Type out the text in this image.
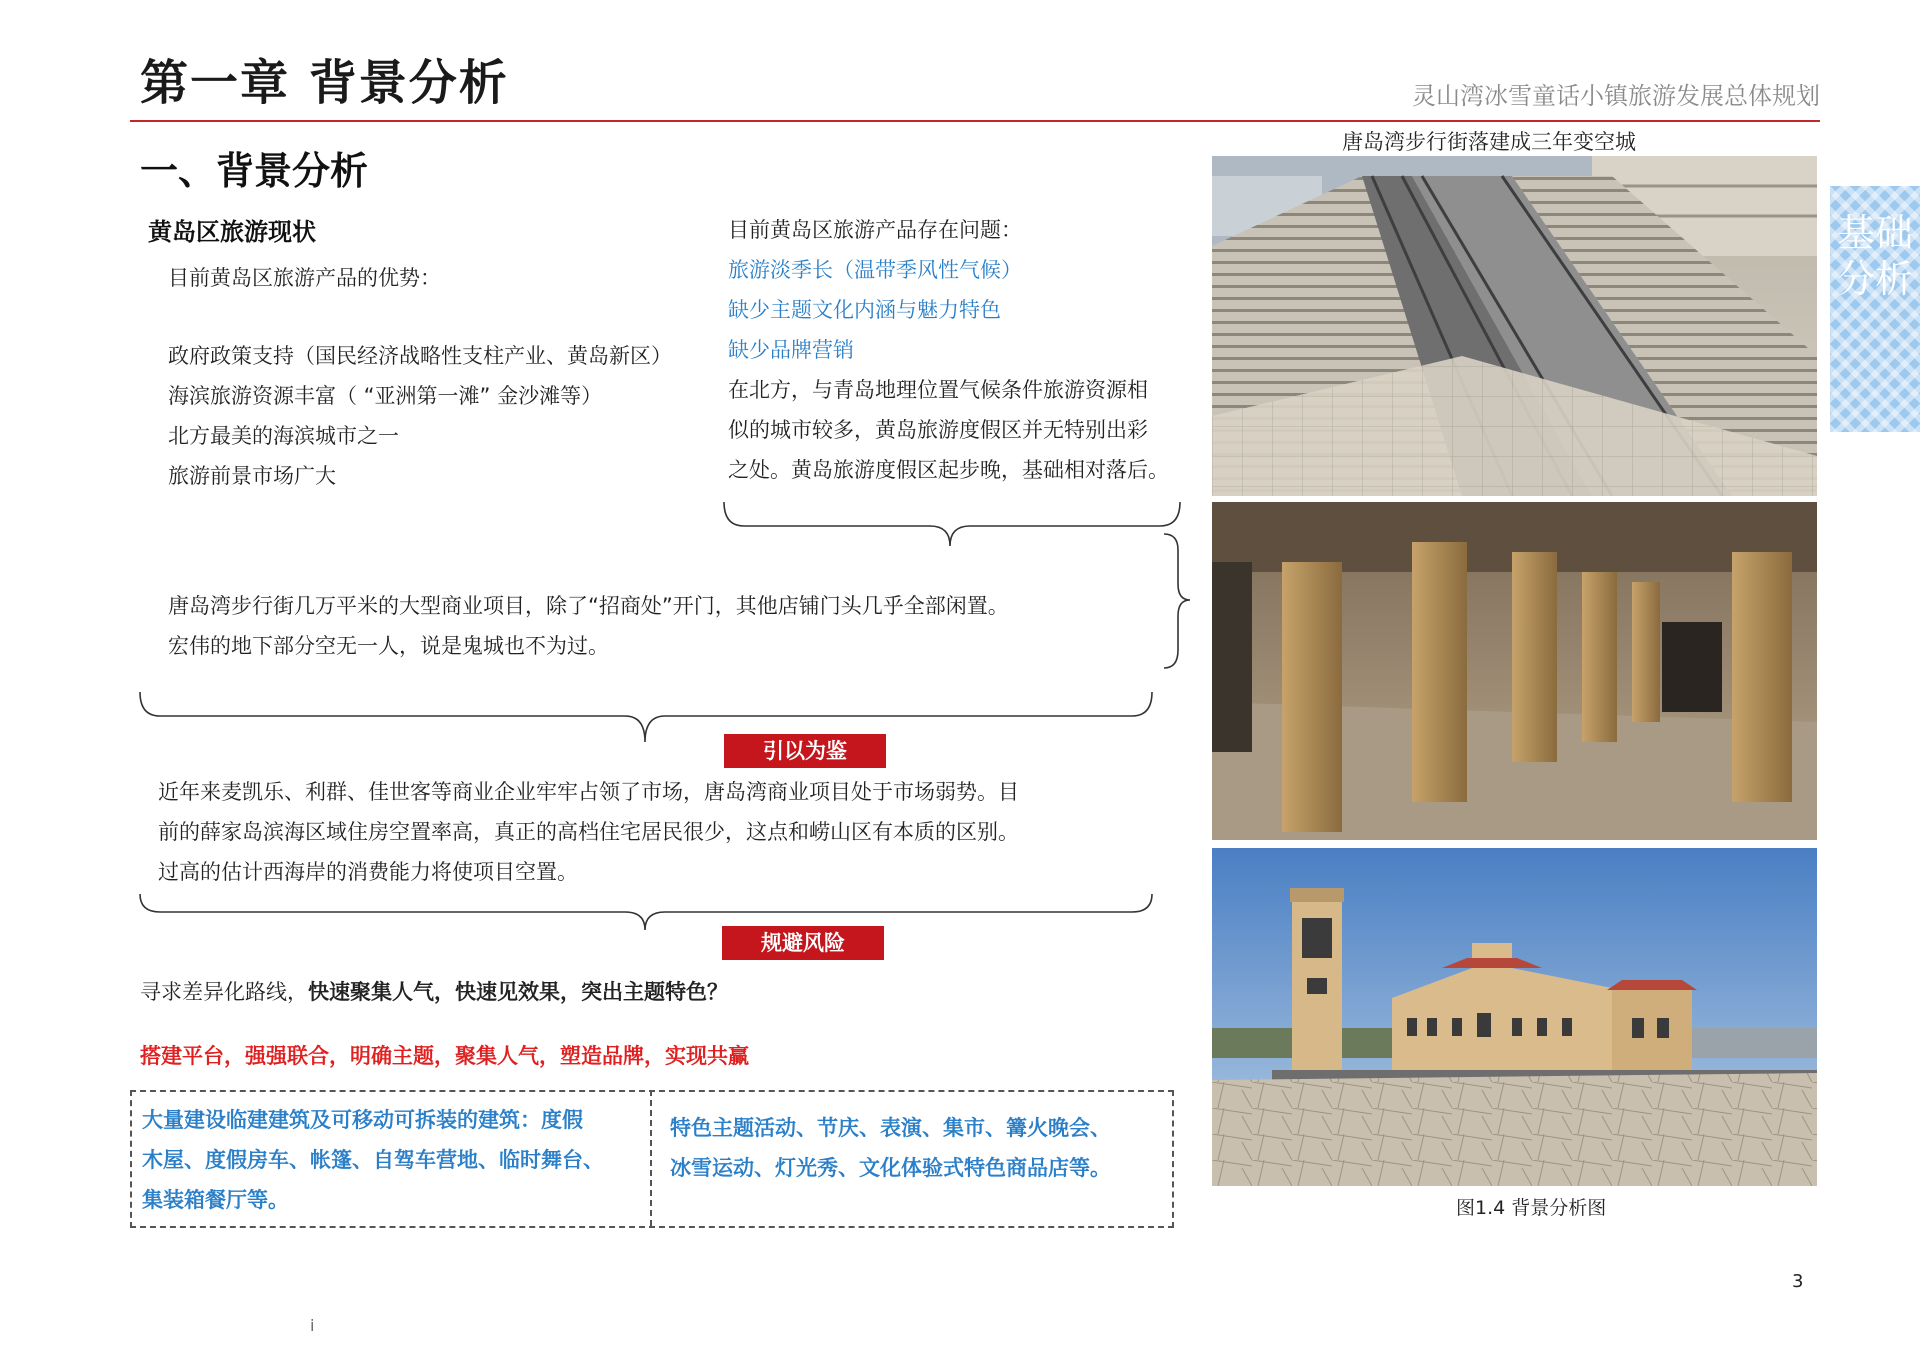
第一章 背景分析	灵山湾冰雪童话小镇旅游发展总体规划
一、背景分析
基础分析
黄岛区旅游现状
目前黄岛区旅游产品的优势：
政府政策支持（国民经济战略性支柱产业、黄岛新区）
海滨旅游资源丰富（ “亚洲第一滩” 金沙滩等）
北方最美的海滨城市之一
旅游前景市场广大
目前黄岛区旅游产品存在问题：
旅游淡季长（温带季风性气候）
缺少主题文化内涵与魅力特色
缺少品牌营销
在北方，与青岛地理位置气候条件旅游资源相
似的城市较多，黄岛旅游度假区并无特别出彩
之处。黄岛旅游度假区起步晚，基础相对落后。
唐岛湾步行街几万平米的大型商业项目，除了“招商处”开门，其他店铺门头几乎全部闲置。
宏伟的地下部分空无一人，说是鬼城也不为过。
引以为鉴
近年来麦凯乐、利群、佳世客等商业企业牢牢占领了市场，唐岛湾商业项目处于市场弱势。目
前的薛家岛滨海区域住房空置率高，真正的高档住宅居民很少，这点和崂山区有本质的区别。
过高的估计西海岸的消费能力将使项目空置。
规避风险
寻求差异化路线，快速聚集人气，快速见效果，突出主题特色？
搭建平台，强强联合，明确主题，聚集人气，塑造品牌，实现共赢
大量建设临建建筑及可移动可拆装的建筑：度假
木屋、度假房车、帐篷、自驾车营地、临时舞台、
集装箱餐厅等。
特色主题活动、节庆、表演、集市、篝火晚会、
冰雪运动、灯光秀、文化体验式特色商品店等。
唐岛湾步行街落建成三年变空城
图1.4 背景分析图
3
i
